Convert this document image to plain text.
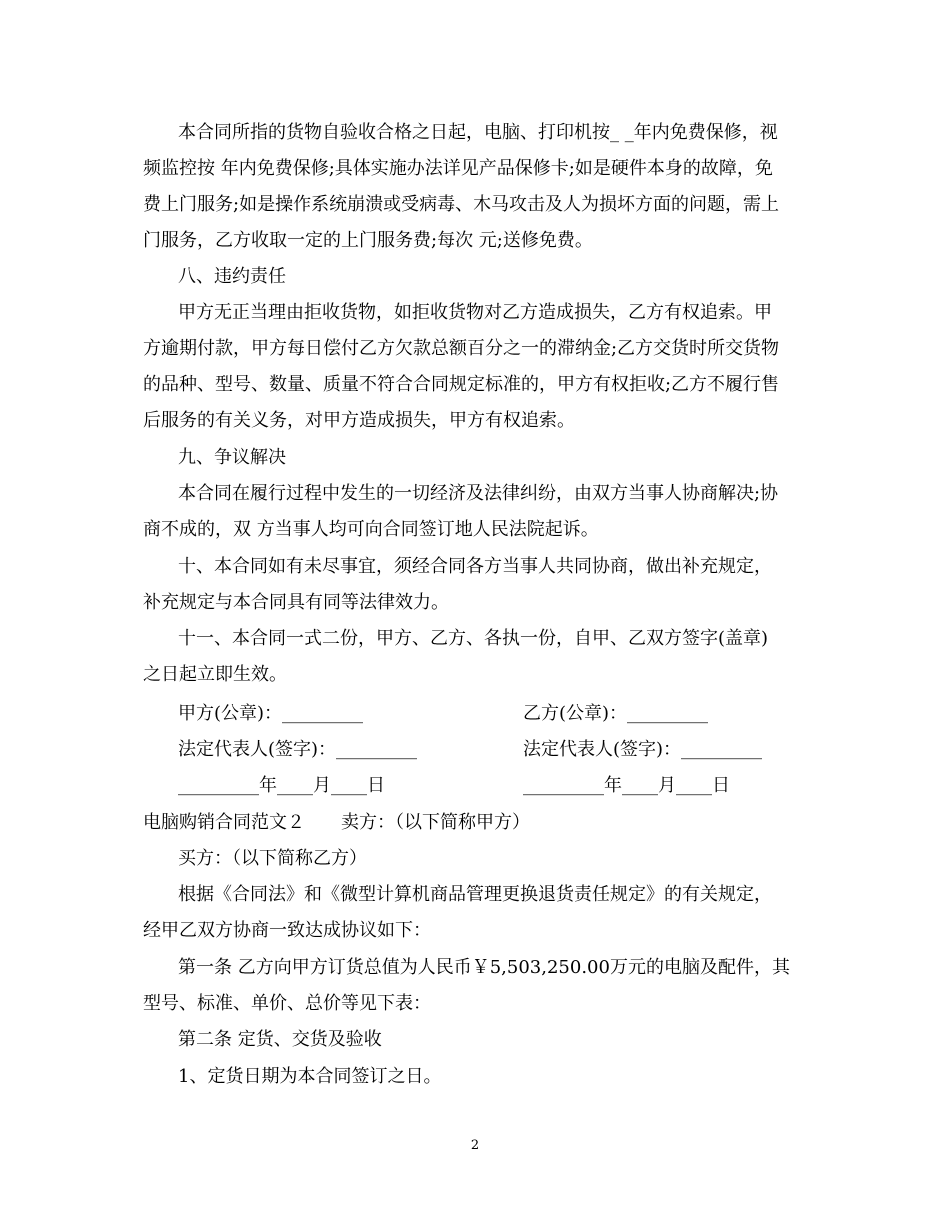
本合同所指的货物自验收合格之日起，电脑、打印机按_ _年内免费保修，视
频监控按 年内免费保修;具体实施办法详见产品保修卡;如是硬件本身的故障，免
费上门服务;如是操作系统崩溃或受病毒、木马攻击及人为损坏方面的问题，需上
门服务，乙方收取一定的上门服务费;每次 元;送修免费。
八、违约责任
甲方无正当理由拒收货物，如拒收货物对乙方造成损失，乙方有权追索。甲
方逾期付款，甲方每日偿付乙方欠款总额百分之一的滞纳金;乙方交货时所交货物
的品种、型号、数量、质量不符合合同规定标准的，甲方有权拒收;乙方不履行售
后服务的有关义务，对甲方造成损失，甲方有权追索。
九、争议解决
本合同在履行过程中发生的一切经济及法律纠纷，由双方当事人协商解决;协
商不成的，双 方当事人均可向合同签订地人民法院起诉。
十、本合同如有未尽事宜，须经合同各方当事人共同协商，做出补充规定，
补充规定与本合同具有同等法律效力。
十一、本合同一式二份，甲方、乙方、各执一份，自甲、乙双方签字(盖章)
之日起立即生效。
甲方(公章)：_________	乙方(公章)：_________
法定代表人(签字)：_________	法定代表人(签字)：_________
_________年____月____日	_________年____月____日
电脑购销合同范文２　　卖方：（以下简称甲方）
买方：（以下简称乙方）
根据《合同法》和《微型计算机商品管理更换退货责任规定》的有关规定，
经甲乙双方协商一致达成协议如下：
第一条 乙方向甲方订货总值为人民币￥5,503,250.00万元的电脑及配件，其
型号、标准、单价、总价等见下表：
第二条 定货、交货及验收
1、定货日期为本合同签订之日。
2
